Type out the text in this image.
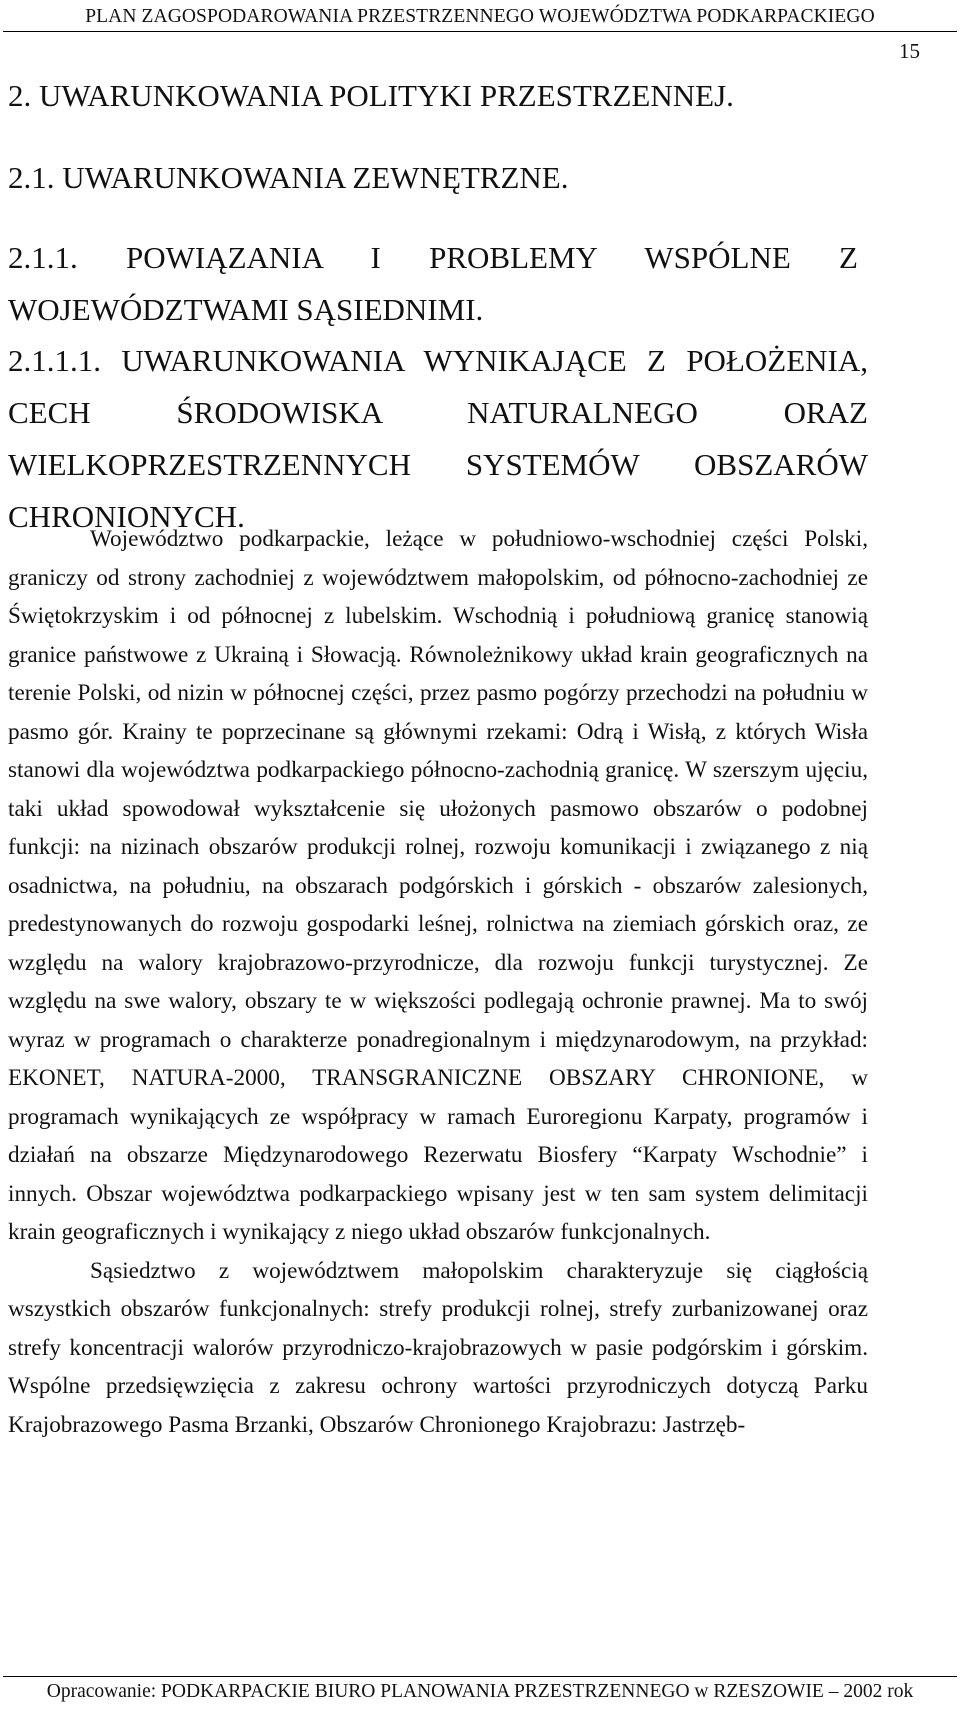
PLAN ZAGOSPODAROWANIA PRZESTRZENNEGO WOJEWÓDZTWA PODKARPACKIEGO
15
2. UWARUNKOWANIA POLITYKI PRZESTRZENNEJ.
2.1. UWARUNKOWANIA ZEWNĘTRZNE.
2.1.1. POWIĄZANIA I PROBLEMY WSPÓLNE Z WOJEWÓDZTWAMI SĄSIEDNIMI.
2.1.1.1. UWARUNKOWANIA WYNIKAJĄCE Z POŁOŻENIA, CECH ŚRODOWISKA NATURALNEGO ORAZ WIELKOPRZESTRZENNYCH SYSTEMÓW OBSZARÓW CHRONIONYCH.

Województwo podkarpackie, leżące w południowo-wschodniej części Polski, graniczy od strony zachodniej z województwem małopolskim, od północno-zachodniej ze Świętokrzyskim i od północnej z lubelskim. Wschodnią i południową granicę stanowią granice państwowe z Ukrainą i Słowacją. Równoleżnikowy układ krain geograficznych na terenie Polski, od nizin w północnej części, przez pasmo pogórzy przechodzi na południu w pasmo gór. Krainy te poprzecinane są głównymi rzekami: Odrą i Wisłą, z których Wisła stanowi dla województwa podkarpackiego północno-zachodnią granicę. W szerszym ujęciu, taki układ spowodował wykształcenie się ułożonych pasmowo obszarów o podobnej funkcji: na nizinach obszarów produkcji rolnej, rozwoju komunikacji i związanego z nią osadnictwa, na południu, na obszarach podgórskich i górskich - obszarów zalesionych, predestynowanych do rozwoju gospodarki leśnej, rolnictwa na ziemiach górskich oraz, ze względu na walory krajobrazowo-przyrodnicze, dla rozwoju funkcji turystycznej. Ze względu na swe walory, obszary te w większości podlegają ochronie prawnej. Ma to swój wyraz w programach o charakterze ponadregionalnym i międzynarodowym, na przykład: EKONET, NATURA-2000, TRANSGRANICZNE OBSZARY CHRONIONE, w programach wynikających ze współpracy w ramach Euroregionu Karpaty, programów i działań na obszarze Międzynarodowego Rezerwatu Biosfery “Karpaty Wschodnie” i innych. Obszar województwa podkarpackiego wpisany jest w ten sam system delimitacji krain geograficznych i wynikający z niego układ obszarów funkcjonalnych.

Sąsiedztwo z województwem małopolskim charakteryzuje się ciągłością wszystkich obszarów funkcjonalnych: strefy produkcji rolnej, strefy zurbanizowanej oraz strefy koncentracji walorów przyrodniczo-krajobrazowych w pasie podgórskim i górskim. Wspólne przedsięwzięcia z zakresu ochrony wartości przyrodniczych dotyczą Parku Krajobrazowego Pasma Brzanki, Obszarów Chronionego Krajobrazu: Jastrzęb-

Opracowanie: PODKARPACKIE BIURO PLANOWANIA PRZESTRZENNEGO w RZESZOWIE – 2002 rok
